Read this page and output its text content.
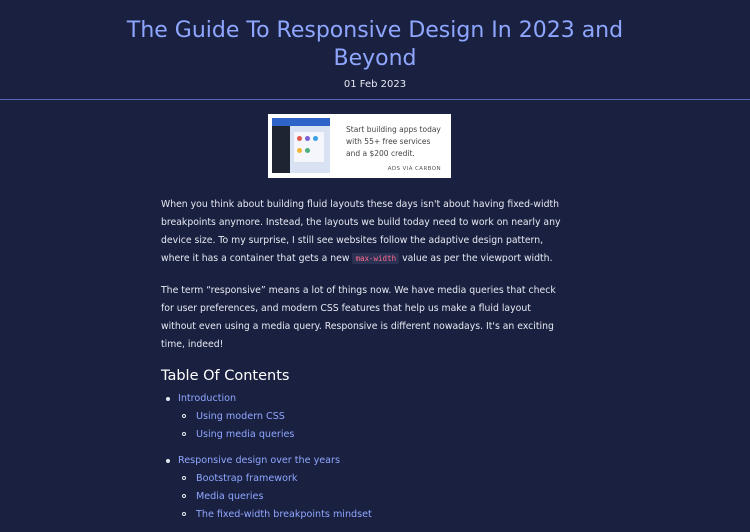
The Guide To Responsive Design In 2023 and Beyond
01 Feb 2023
Start building apps today with 55+ free services and a $200 credit.
ADS VIA CARBON

When you think about building fluid layouts these days isn't about having fixed-width breakpoints anymore. Instead, the layouts we build today need to work on nearly any device size. To my surprise, I still see websites follow the adaptive design pattern, where it has a container that gets a new max-width value as per the viewport width.

The term “responsive” means a lot of things now. We have media queries that check for user preferences, and modern CSS features that help us make a fluid layout without even using a media query. Responsive is different nowadays. It's an exciting time, indeed!

Table Of Contents
Introduction
Using modern CSS
Using media queries
Responsive design over the years
Bootstrap framework
Media queries
The fixed-width breakpoints mindset
